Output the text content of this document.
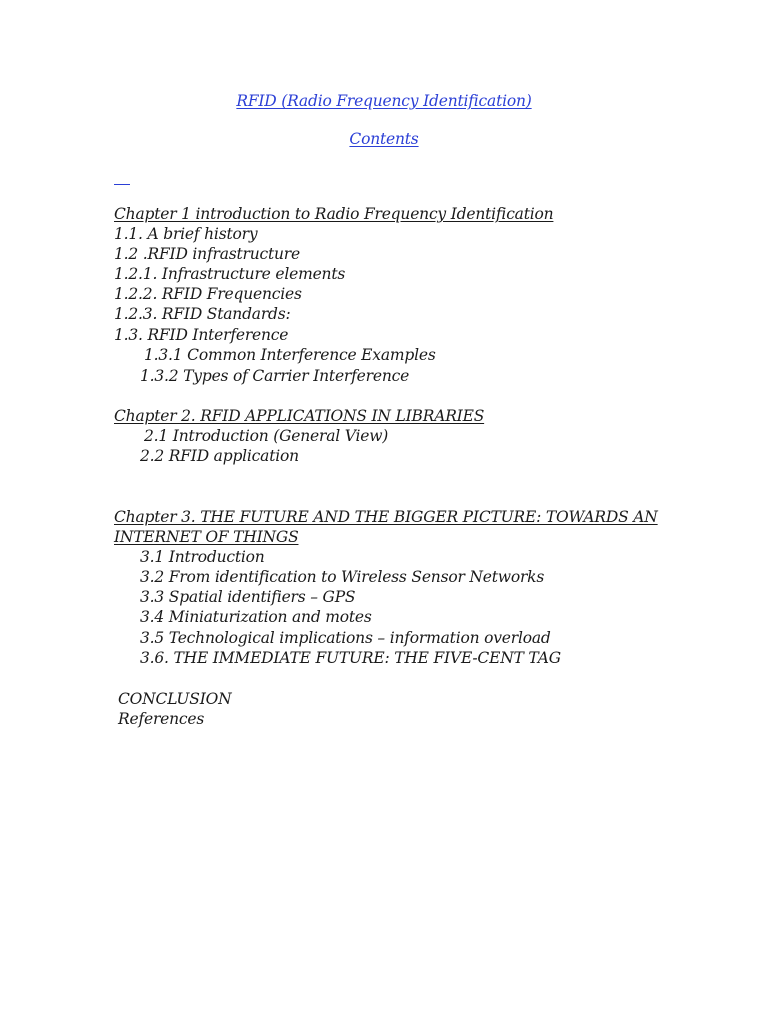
RFID (Radio Frequency Identification)
Contents
Chapter 1 introduction to Radio Frequency Identification
1.1. A brief history
1.2 .RFID infrastructure
1.2.1. Infrastructure elements
1.2.2. RFID Frequencies
1.2.3. RFID Standards:
1.3. RFID Interference
1.3.1 Common Interference Examples
1.3.2 Types of Carrier Interference
Chapter 2. RFID APPLICATIONS IN LIBRARIES
2.1 Introduction (General View)
2.2 RFID application
Chapter 3. THE FUTURE AND THE BIGGER PICTURE: TOWARDS AN
INTERNET OF THINGS
3.1 Introduction
3.2 From identification to Wireless Sensor Networks
3.3 Spatial identifiers – GPS
3.4 Miniaturization and motes
3.5 Technological implications – information overload
3.6. THE IMMEDIATE FUTURE: THE FIVE-CENT TAG
CONCLUSION
References
